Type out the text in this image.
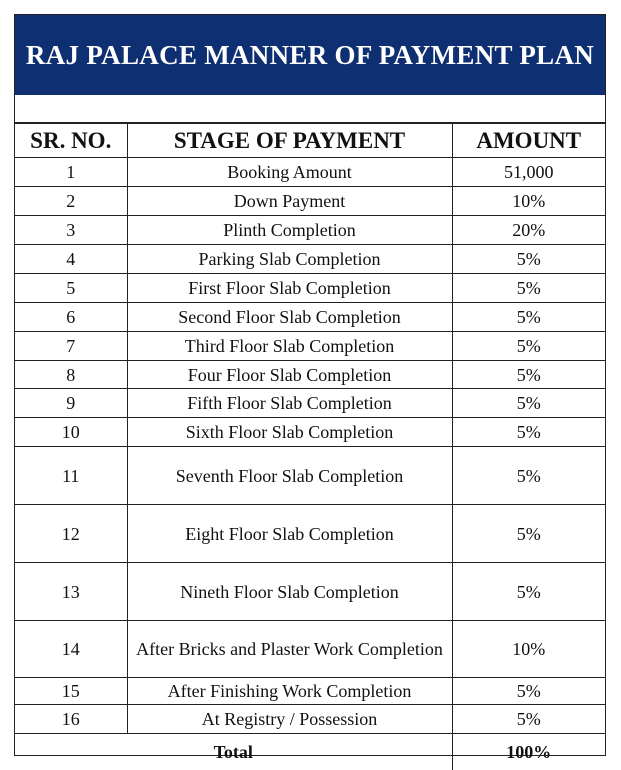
RAJ PALACE MANNER OF PAYMENT PLAN
SR. NO.	STAGE OF PAYMENT	AMOUNT
1	Booking Amount	51,000
2	Down Payment	10%
3	Plinth Completion	20%
4	Parking Slab Completion	5%
5	First Floor Slab Completion	5%
6	Second Floor Slab Completion	5%
7	Third Floor Slab Completion	5%
8	Four Floor Slab Completion	5%
9	Fifth Floor Slab Completion	5%
10	Sixth Floor Slab Completion	5%
11	Seventh Floor Slab Completion	5%
12	Eight Floor Slab Completion	5%
13	Nineth Floor Slab Completion	5%
14	After Bricks and Plaster Work Completion	10%
15	After Finishing Work Completion	5%
16	At Registry / Possession	5%
Total		100%
